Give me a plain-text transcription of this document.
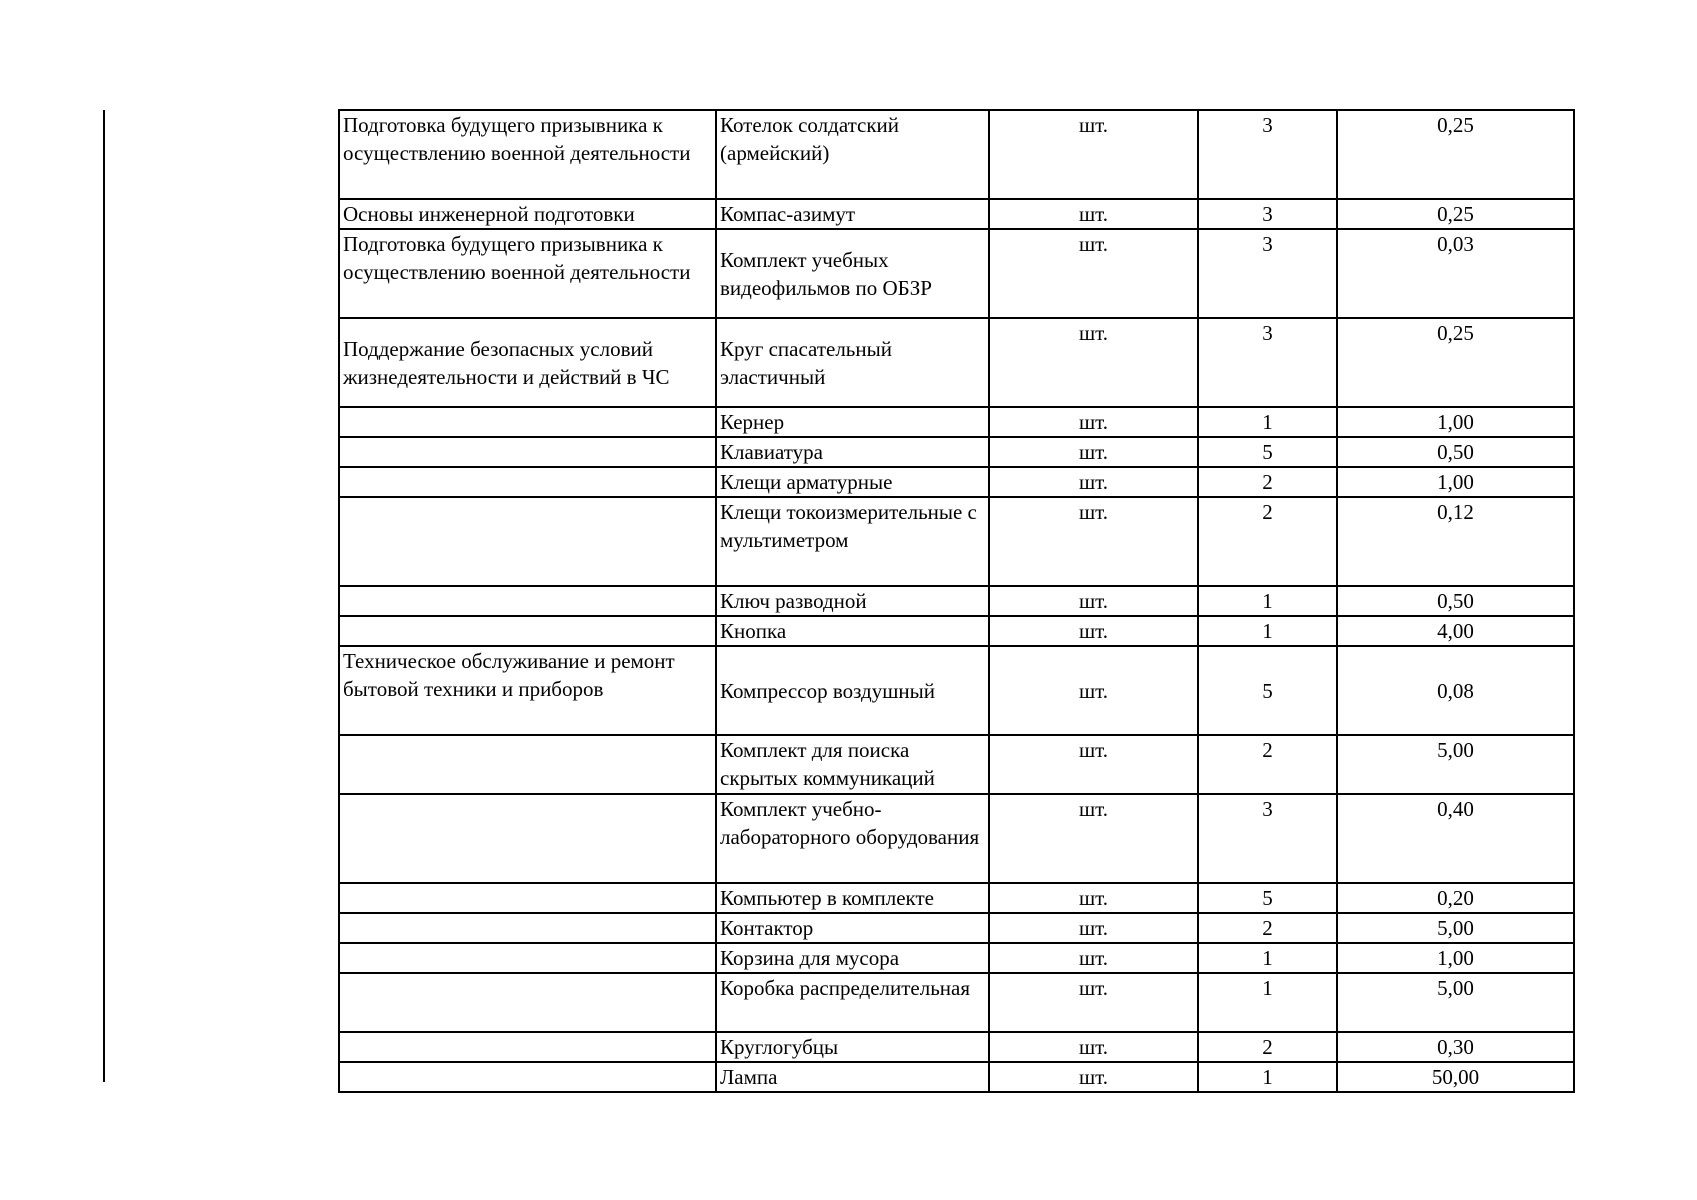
Подготовка будущего призывника к осуществлению военной деятельности	Котелок солдатский (армейский)	шт.	3	0,25
Основы инженерной подготовки	Компас-азимут	шт.	3	0,25
Подготовка будущего призывника к осуществлению военной деятельности	Комплект учебных видеофильмов по ОБЗР	шт.	3	0,03
Поддержание безопасных условий жизнедеятельности и действий в ЧС	Круг спасательный эластичный	шт.	3	0,25
	Кернер	шт.	1	1,00
	Клавиатура	шт.	5	0,50
	Клещи арматурные	шт.	2	1,00
	Клещи токоизмерительные с мультиметром	шт.	2	0,12
	Ключ разводной	шт.	1	0,50
	Кнопка	шт.	1	4,00
Техническое обслуживание и ремонт бытовой техники и приборов	Компрессор воздушный	шт.	5	0,08
	Комплект для поиска скрытых коммуникаций	шт.	2	5,00
	Комплект учебно-лабораторного оборудования	шт.	3	0,40
	Компьютер в комплекте	шт.	5	0,20
	Контактор	шт.	2	5,00
	Корзина для мусора	шт.	1	1,00
	Коробка распределительная	шт.	1	5,00
	Круглогубцы	шт.	2	0,30
	Лампа	шт.	1	50,00
